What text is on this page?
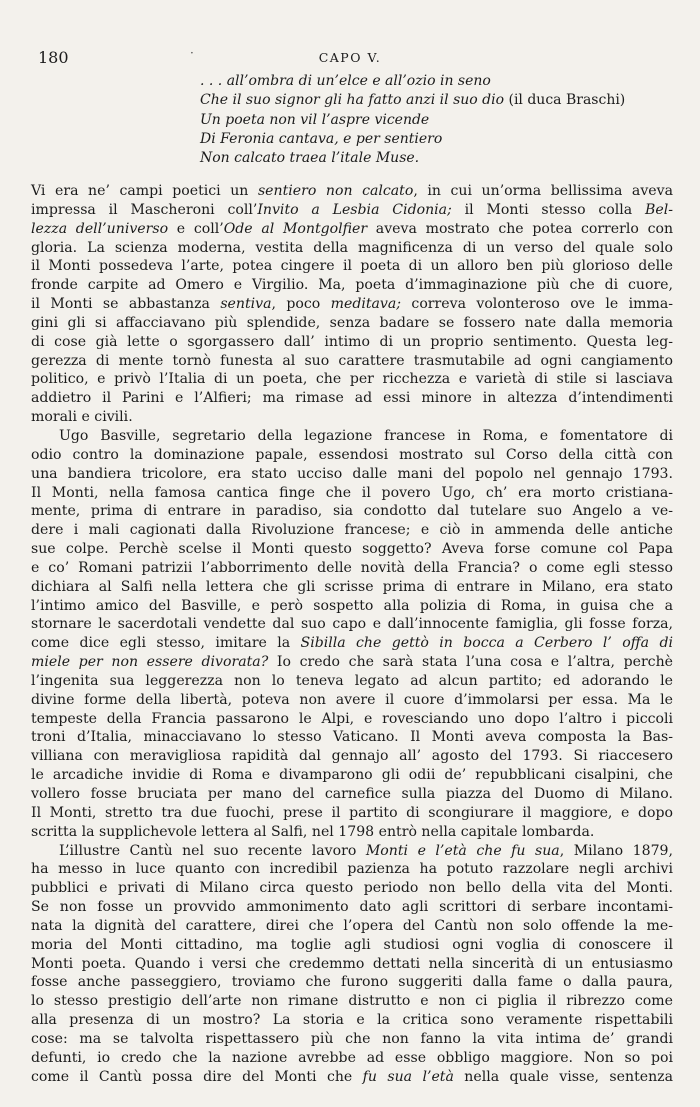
180	·	CAPO V.
. . . all’ombra di un’elce e all’ozio in seno
Che il suo signor gli ha fatto anzi il suo dio (il duca Braschi)
Un poeta non vil l’aspre vicende
Di Feronia cantava, e per sentiero
Non calcato traea l’itale Muse.
Vi era ne’ campi poetici un sentiero non calcato, in cui un’orma bellissima aveva
impressa il Mascheroni coll’Invito a Lesbia Cidonia; il Monti stesso colla Bel-
lezza dell’universo e coll’Ode al Montgolfier aveva mostrato che potea correrlo con
gloria. La scienza moderna, vestita della magnificenza di un verso del quale solo
il Monti possedeva l’arte, potea cingere il poeta di un alloro ben più glorioso delle
fronde carpite ad Omero e Virgilio. Ma, poeta d’immaginazione più che di cuore,
il Monti se abbastanza sentiva, poco meditava; correva volonteroso ove le imma-
gini gli si affacciavano più splendide, senza badare se fossero nate dalla memoria
di cose già lette o sgorgassero dall’ intimo di un proprio sentimento. Questa leg-
gerezza di mente tornò funesta al suo carattere trasmutabile ad ogni cangiamento
politico, e privò l’Italia di un poeta, che per ricchezza e varietà di stile si lasciava
addietro il Parini e l’Alfieri; ma rimase ad essi minore in altezza d’intendimenti
morali e civili.
Ugo Basville, segretario della legazione francese in Roma, e fomentatore di
odio contro la dominazione papale, essendosi mostrato sul Corso della città con
una bandiera tricolore, era stato ucciso dalle mani del popolo nel gennajo 1793.
Il Monti, nella famosa cantica finge che il povero Ugo, ch’ era morto cristiana-
mente, prima di entrare in paradiso, sia condotto dal tutelare suo Angelo a ve-
dere i mali cagionati dalla Rivoluzione francese; e ciò in ammenda delle antiche
sue colpe. Perchè scelse il Monti questo soggetto? Aveva forse comune col Papa
e co’ Romani patrizii l’abborrimento delle novità della Francia? o come egli stesso
dichiara al Salfi nella lettera che gli scrisse prima di entrare in Milano, era stato
l’intimo amico del Basville, e però sospetto alla polizia di Roma, in guisa che a
stornare le sacerdotali vendette dal suo capo e dall’innocente famiglia, gli fosse forza,
come dice egli stesso, imitare la Sibilla che gettò in bocca a Cerbero l’ offa di
miele per non essere divorata? Io credo che sarà stata l’una cosa e l’altra, perchè
l’ingenita sua leggerezza non lo teneva legato ad alcun partito; ed adorando le
divine forme della libertà, poteva non avere il cuore d’immolarsi per essa. Ma le
tempeste della Francia passarono le Alpi, e rovesciando uno dopo l’altro i piccoli
troni d’Italia, minacciavano lo stesso Vaticano. Il Monti aveva composta la Bas-
villiana con meravigliosa rapidità dal gennajo all’ agosto del 1793. Si riaccesero
le arcadiche invidie di Roma e divamparono gli odii de’ repubblicani cisalpini, che
vollero fosse bruciata per mano del carnefice sulla piazza del Duomo di Milano.
Il Monti, stretto tra due fuochi, prese il partito di scongiurare il maggiore, e dopo
scritta la supplichevole lettera al Salfi, nel 1798 entrò nella capitale lombarda.
L’illustre Cantù nel suo recente lavoro Monti e l’età che fu sua, Milano 1879,
ha messo in luce quanto con incredibil pazienza ha potuto razzolare negli archivi
pubblici e privati di Milano circa questo periodo non bello della vita del Monti.
Se non fosse un provvido ammonimento dato agli scrittori di serbare incontami-
nata la dignità del carattere, direi che l’opera del Cantù non solo offende la me-
moria del Monti cittadino, ma toglie agli studiosi ogni voglia di conoscere il
Monti poeta. Quando i versi che credemmo dettati nella sincerità di un entusiasmo
fosse anche passeggiero, troviamo che furono suggeriti dalla fame o dalla paura,
lo stesso prestigio dell’arte non rimane distrutto e non ci piglia il ribrezzo come
alla presenza di un mostro? La storia e la critica sono veramente rispettabili
cose: ma se talvolta rispettassero più che non fanno la vita intima de’ grandi
defunti, io credo che la nazione avrebbe ad esse obbligo maggiore. Non so poi
come il Cantù possa dire del Monti che fu sua l’età nella quale visse, sentenza
